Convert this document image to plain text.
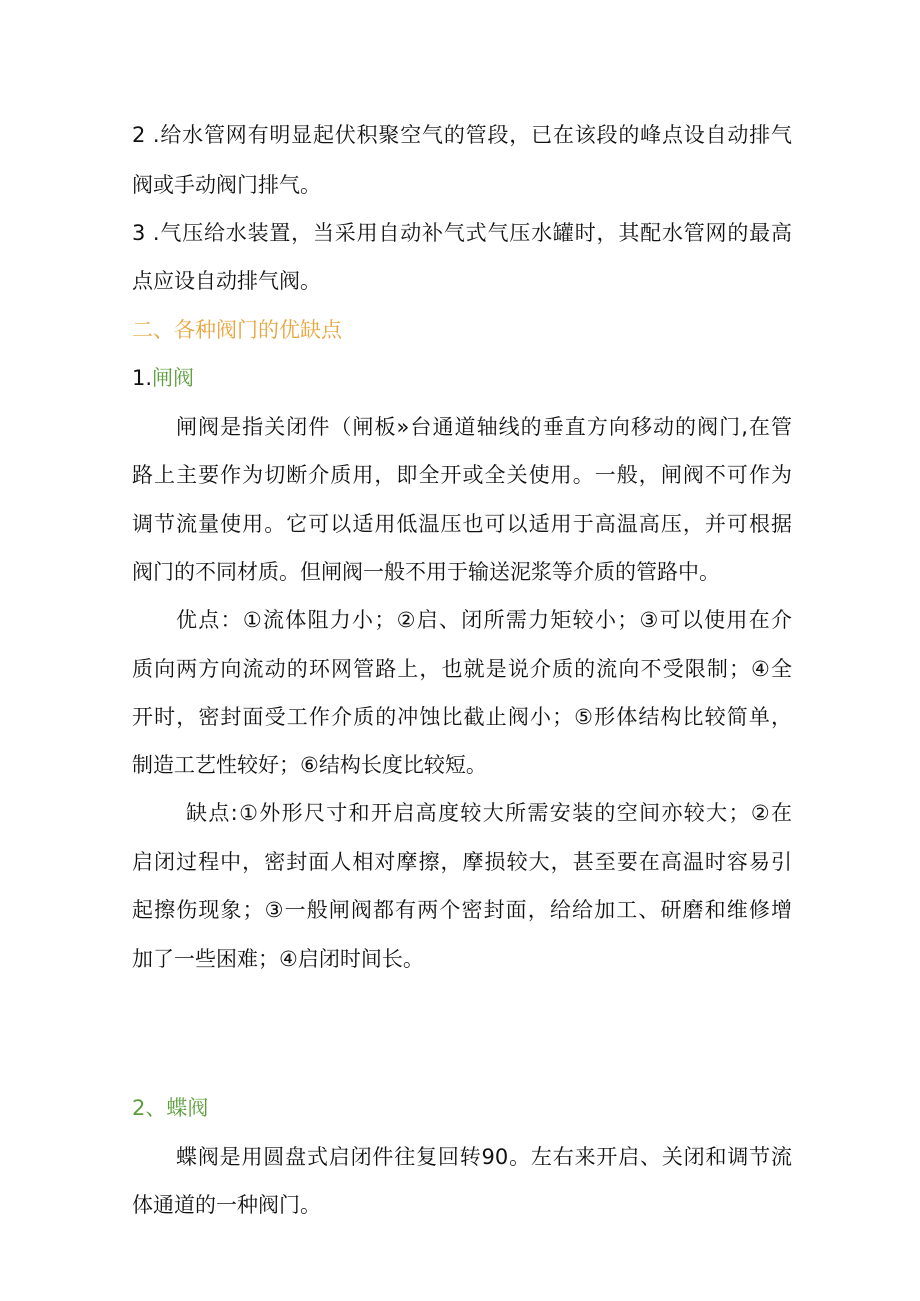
2 .给水管网有明显起伏积聚空气的管段，已在该段的峰点设自动排气
阀或手动阀门排气。
3 .气压给水装置，当采用自动补气式气压水罐时，其配水管网的最高
点应设自动排气阀。
二、各种阀门的优缺点
1.闸阀
闸阀是指关闭件（闸板»台通道轴线的垂直方向移动的阀门,在管
路上主要作为切断介质用，即全开或全关使用。一般，闸阀不可作为
调节流量使用。它可以适用低温压也可以适用于高温高压，并可根据
阀门的不同材质。但闸阀一般不用于输送泥浆等介质的管路中。
优点：①流体阻力小；②启、闭所需力矩较小；③可以使用在介
质向两方向流动的环网管路上，也就是说介质的流向不受限制；④全
开时，密封面受工作介质的冲蚀比截止阀小；⑤形体结构比较简单，
制造工艺性较好；⑥结构长度比较短。
缺点:①外形尺寸和开启高度较大所需安装的空间亦较大；②在
启闭过程中，密封面人相对摩擦，摩损较大，甚至要在高温时容易引
起擦伤现象；③一般闸阀都有两个密封面，给给加工、研磨和维修增
加了一些困难；④启闭时间长。
2、蝶阀
蝶阀是用圆盘式启闭件往复回转90。左右来开启、关闭和调节流
体通道的一种阀门。
